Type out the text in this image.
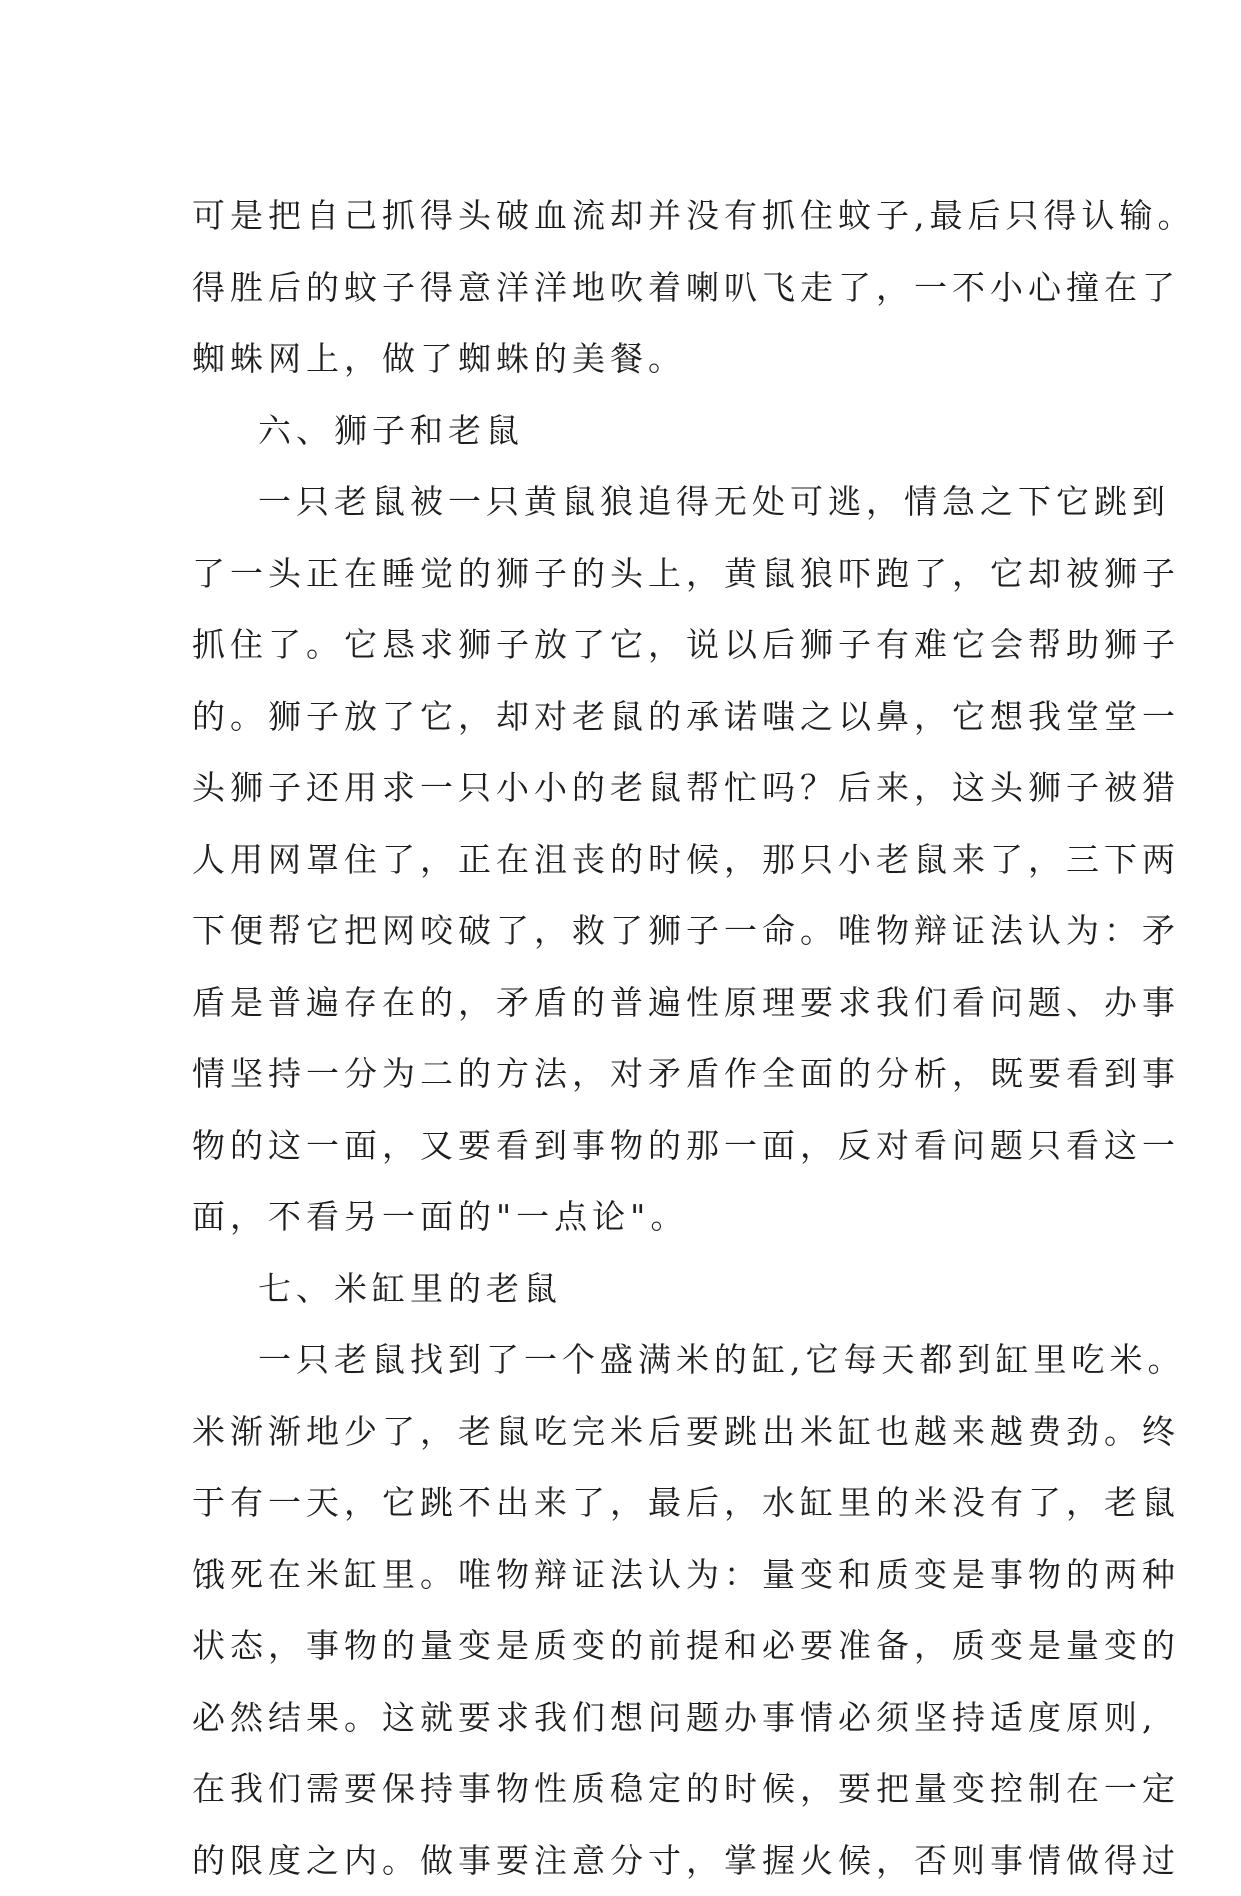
可是把自己抓得头破血流却并没有抓住蚊子,最后只得认输。
得胜后的蚊子得意洋洋地吹着喇叭飞走了，一不小心撞在了
蜘蛛网上，做了蜘蛛的美餐。
六、狮子和老鼠
一只老鼠被一只黄鼠狼追得无处可逃，情急之下它跳到
了一头正在睡觉的狮子的头上，黄鼠狼吓跑了，它却被狮子
抓住了。它恳求狮子放了它，说以后狮子有难它会帮助狮子
的。狮子放了它，却对老鼠的承诺嗤之以鼻，它想我堂堂一
头狮子还用求一只小小的老鼠帮忙吗？后来，这头狮子被猎
人用网罩住了，正在沮丧的时候，那只小老鼠来了，三下两
下便帮它把网咬破了，救了狮子一命。唯物辩证法认为：矛
盾是普遍存在的，矛盾的普遍性原理要求我们看问题、办事
情坚持一分为二的方法，对矛盾作全面的分析，既要看到事
物的这一面，又要看到事物的那一面，反对看问题只看这一
面，不看另一面的"一点论"。
七、米缸里的老鼠
一只老鼠找到了一个盛满米的缸,它每天都到缸里吃米。
米渐渐地少了，老鼠吃完米后要跳出米缸也越来越费劲。终
于有一天，它跳不出来了，最后，水缸里的米没有了，老鼠
饿死在米缸里。唯物辩证法认为：量变和质变是事物的两种
状态，事物的量变是质变的前提和必要准备，质变是量变的
必然结果。这就要求我们想问题办事情必须坚持适度原则,
在我们需要保持事物性质稳定的时候，要把量变控制在一定
的限度之内。做事要注意分寸，掌握火候，否则事情做得过
